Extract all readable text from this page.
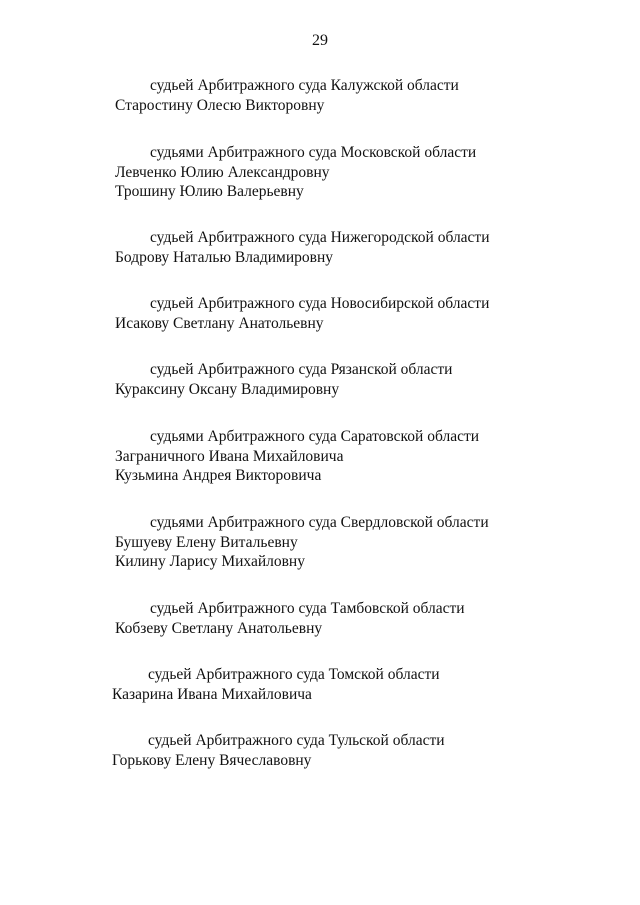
29
судьей Арбитражного суда Калужской области
Старостину Олесю Викторовну
судьями Арбитражного суда Московской области
Левченко Юлию Александровну
Трошину Юлию Валерьевну
судьей Арбитражного суда Нижегородской области
Бодрову Наталью Владимировну
судьей Арбитражного суда Новосибирской области
Исакову Светлану Анатольевну
судьей Арбитражного суда Рязанской области
Кураксину Оксану Владимировну
судьями Арбитражного суда Саратовской области
Заграничного Ивана Михайловича
Кузьмина Андрея Викторовича
судьями Арбитражного суда Свердловской области
Бушуеву Елену Витальевну
Килину Ларису Михайловну
судьей Арбитражного суда Тамбовской области
Кобзеву Светлану Анатольевну
судьей Арбитражного суда Томской области
Казарина Ивана Михайловича
судьей Арбитражного суда Тульской области
Горькову Елену Вячеславовну
